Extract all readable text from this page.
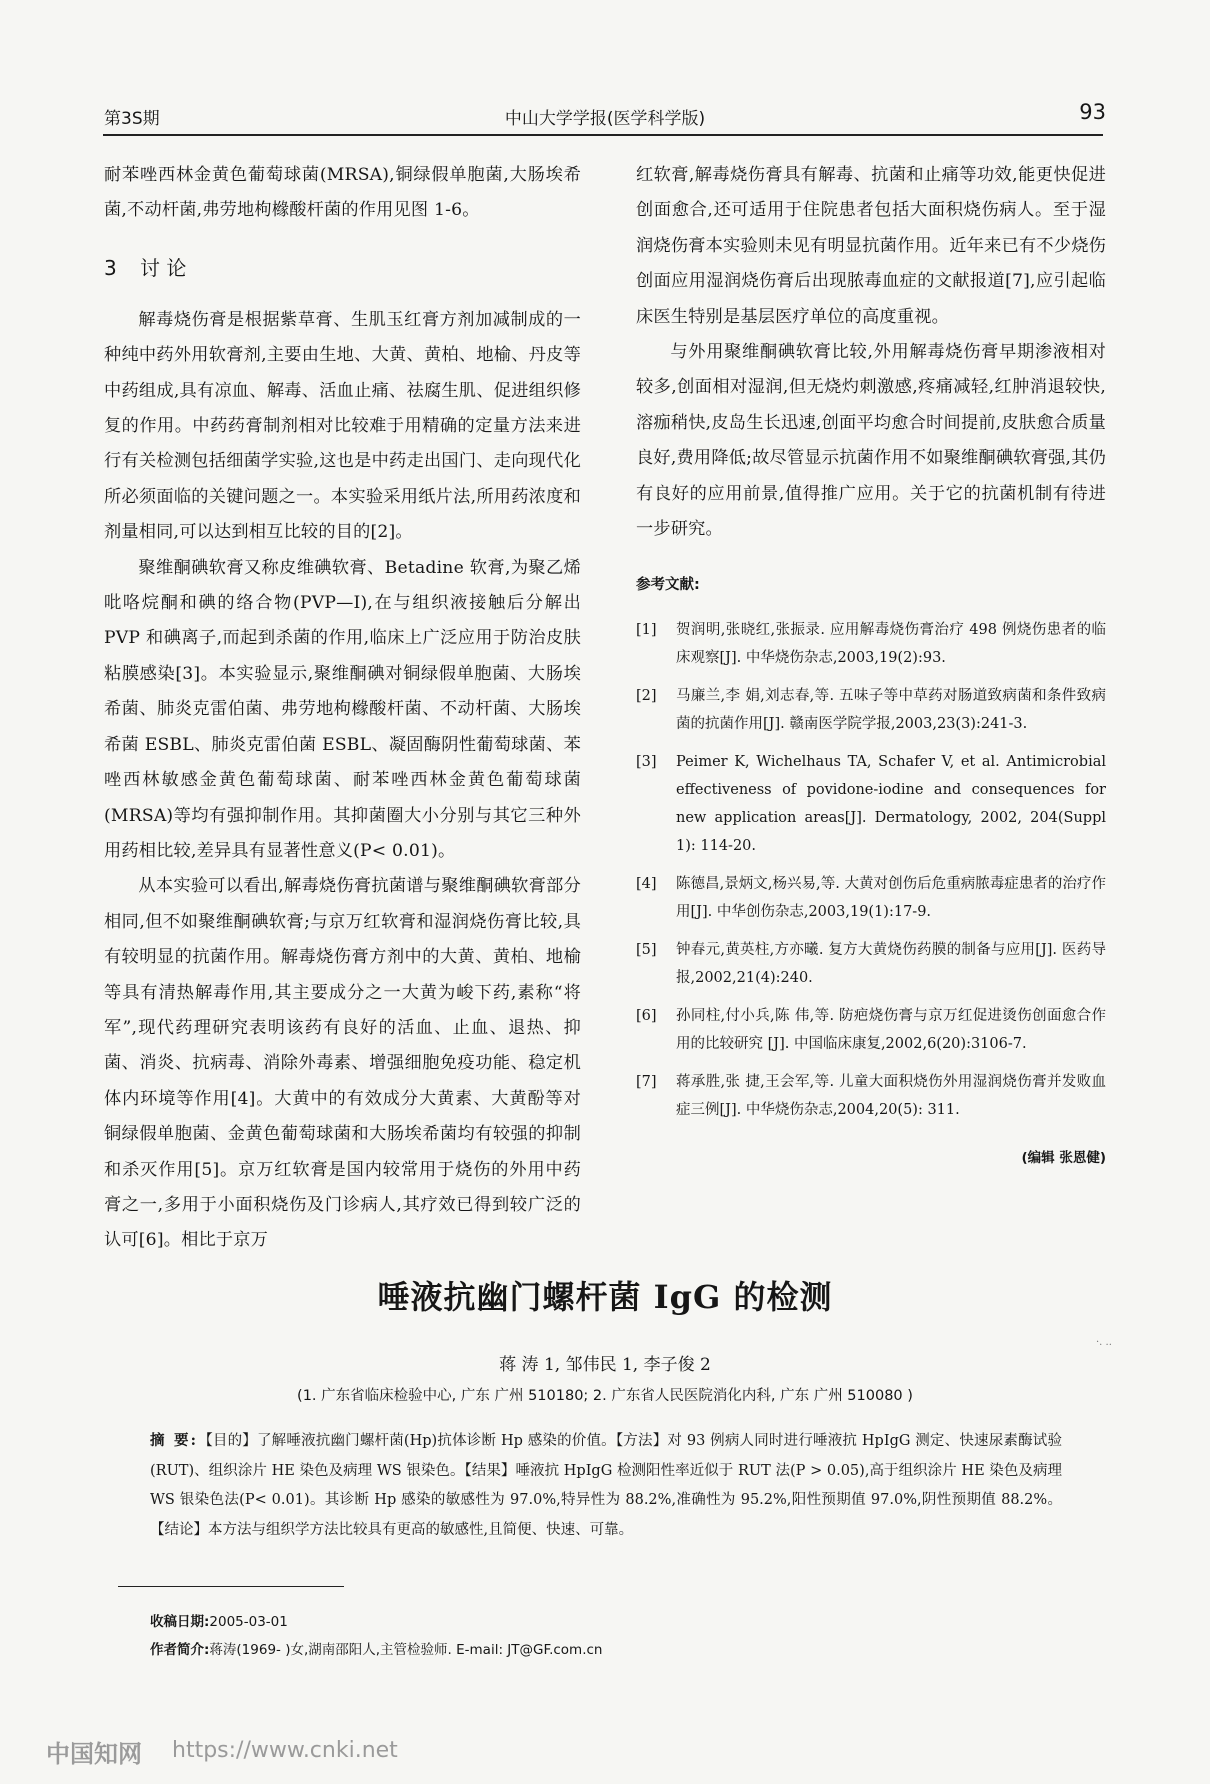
第3S期	中山大学学报(医学科学版)	93

耐苯唑西林金黄色葡萄球菌(MRSA),铜绿假单胞菌,大肠埃希菌,不动杆菌,弗劳地枸橼酸杆菌的作用见图 1-6。

3 讨 论

解毒烧伤膏是根据紫草膏、生肌玉红膏方剂加减制成的一种纯中药外用软膏剂,主要由生地、大黄、黄柏、地榆、丹皮等中药组成,具有凉血、解毒、活血止痛、祛腐生肌、促进组织修复的作用。中药药膏制剂相对比较难于用精确的定量方法来进行有关检测包括细菌学实验,这也是中药走出国门、走向现代化所必须面临的关键问题之一。本实验采用纸片法,所用药浓度和剂量相同,可以达到相互比较的目的[2]。

聚维酮碘软膏又称皮维碘软膏、Betadine 软膏,为聚乙烯吡咯烷酮和碘的络合物(PVP—I),在与组织液接触后分解出 PVP 和碘离子,而起到杀菌的作用,临床上广泛应用于防治皮肤粘膜感染[3]。本实验显示,聚维酮碘对铜绿假单胞菌、大肠埃希菌、肺炎克雷伯菌、弗劳地枸橼酸杆菌、不动杆菌、大肠埃希菌 ESBL、肺炎克雷伯菌 ESBL、凝固酶阴性葡萄球菌、苯唑西林敏感金黄色葡萄球菌、耐苯唑西林金黄色葡萄球菌(MRSA)等均有强抑制作用。其抑菌圈大小分别与其它三种外用药相比较,差异具有显著性意义(P< 0.01)。

从本实验可以看出,解毒烧伤膏抗菌谱与聚维酮碘软膏部分相同,但不如聚维酮碘软膏;与京万红软膏和湿润烧伤膏比较,具有较明显的抗菌作用。解毒烧伤膏方剂中的大黄、黄柏、地榆等具有清热解毒作用,其主要成分之一大黄为峻下药,素称“将军”,现代药理研究表明该药有良好的活血、止血、退热、抑菌、消炎、抗病毒、消除外毒素、增强细胞免疫功能、稳定机体内环境等作用[4]。大黄中的有效成分大黄素、大黄酚等对铜绿假单胞菌、金黄色葡萄球菌和大肠埃希菌均有较强的抑制和杀灭作用[5]。京万红软膏是国内较常用于烧伤的外用中药膏之一,多用于小面积烧伤及门诊病人,其疗效已得到较广泛的认可[6]。相比于京万

红软膏,解毒烧伤膏具有解毒、抗菌和止痛等功效,能更快促进创面愈合,还可适用于住院患者包括大面积烧伤病人。至于湿润烧伤膏本实验则未见有明显抗菌作用。近年来已有不少烧伤创面应用湿润烧伤膏后出现脓毒血症的文献报道[7],应引起临床医生特别是基层医疗单位的高度重视。

与外用聚维酮碘软膏比较,外用解毒烧伤膏早期渗液相对较多,创面相对湿润,但无烧灼刺激感,疼痛减轻,红肿消退较快,溶痂稍快,皮岛生长迅速,创面平均愈合时间提前,皮肤愈合质量良好,费用降低;故尽管显示抗菌作用不如聚维酮碘软膏强,其仍有良好的应用前景,值得推广应用。关于它的抗菌机制有待进一步研究。

参考文献:
[1]	贺润明,张晓红,张振录. 应用解毒烧伤膏治疗 498 例烧伤患者的临床观察[J]. 中华烧伤杂志,2003,19(2):93.
[2]	马廉兰,李 娟,刘志春,等. 五味子等中草药对肠道致病菌和条件致病菌的抗菌作用[J]. 赣南医学院学报,2003,23(3):241-3.
[3]	Peimer K, Wichelhaus TA, Schafer V, et al. Antimicrobial effectiveness of povidone-iodine and consequences for new application areas[J]. Dermatology, 2002, 204(Suppl 1): 114-20.
[4]	陈德昌,景炳文,杨兴易,等. 大黄对创伤后危重病脓毒症患者的治疗作用[J]. 中华创伤杂志,2003,19(1):17-9.
[5]	钟春元,黄英柱,方亦曦. 复方大黄烧伤药膜的制备与应用[J]. 医药导报,2002,21(4):240.
[6]	孙同柱,付小兵,陈 伟,等. 防疤烧伤膏与京万红促进烫伤创面愈合作用的比较研究 [J]. 中国临床康复,2002,6(20):3106-7.
[7]	蒋承胜,张 捷,王会军,等. 儿童大面积烧伤外用湿润烧伤膏并发败血症三例[J]. 中华烧伤杂志,2004,20(5): 311.
(编辑 张恩健)
唾液抗幽门螺杆菌 IgG 的检测
·. ..
蒋 涛 1, 邹伟民 1, 李子俊 2
(1. 广东省临床检验中心, 广东 广州 510180; 2. 广东省人民医院消化内科, 广东 广州 510080 )
摘 要:【目的】了解唾液抗幽门螺杆菌(Hp)抗体诊断 Hp 感染的价值。【方法】对 93 例病人同时进行唾液抗 HpIgG 测定、快速尿素酶试验(RUT)、组织涂片 HE 染色及病理 WS 银染色。【结果】唾液抗 HpIgG 检测阳性率近似于 RUT 法(P > 0.05),高于组织涂片 HE 染色及病理 WS 银染色法(P< 0.01)。其诊断 Hp 感染的敏感性为 97.0%,特异性为 88.2%,准确性为 95.2%,阳性预期值 97.0%,阴性预期值 88.2%。【结论】本方法与组织学方法比较具有更高的敏感性,且简便、快速、可靠。
收稿日期:2005-03-01
作者简介:蒋涛(1969- )女,湖南邵阳人,主管检验师. E-mail: JT@GF.com.cn
中国知网 https://www.cnki.net
